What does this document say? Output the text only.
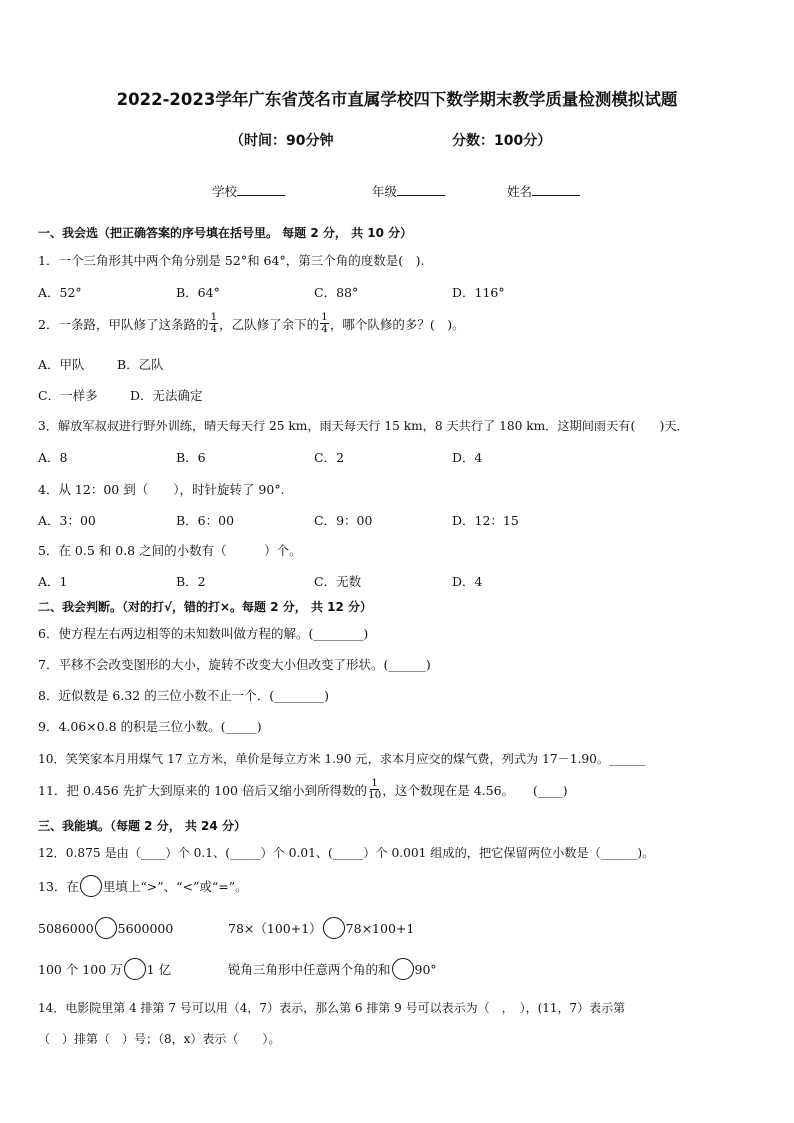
2022-2023学年广东省茂名市直属学校四下数学期末教学质量检测模拟试题
（时间：90分钟	分数：100分）
学校	年级	姓名
一、我会选（把正确答案的序号填在括号里。 每题 2 分， 共 10 分）
1．一个三角形其中两个角分别是 52°和 64°，第三个角的度数是(　).
A．52°	B．64°	C．88°	D．116°
2．一条路，甲队修了这条路的 $\frac{1}{4}$ ，乙队修了余下的 $\frac{1}{4}$ ，哪个队修的多？(　)。
A．甲队	B．乙队
C．一样多	D．无法确定
3．解放军叔叔进行野外训练，晴天每天行 25 km，雨天每天行 15 km，8 天共行了 180 km．这期间雨天有(　　)天．
A．8	B．6	C．2	D．4
4．从 12：00 到（　　），时针旋转了 90°.
A．3：00	B．6：00	C．9：00	D．12：15
5．在 0.5 和 0.8 之间的小数有（　　　）个。
A．1	B．2	C．无数	D．4
二、我会判断。（对的打√，错的打×。每题 2 分， 共 12 分）
6．使方程左右两边相等的未知数叫做方程的解。(________)
7．平移不会改变图形的大小，旋转不改变大小但改变了形状。(______)
8．近似数是 6.32 的三位小数不止一个．(________)
9．4.06×0.8 的积是三位小数。(_____)
10．笑笑家本月用煤气 17 立方米，单价是每立方米 1.90 元，求本月应交的煤气费，列式为 17－1.90。______
11．把 0.456 先扩大到原来的 100 倍后又缩小到所得数的 $\frac{1}{10}$ ，这个数现在是 4.56。　　(____)
三、我能填。（每题 2 分， 共 24 分）
12．0.875 是由（____）个 0.1、(_____）个 0.01、(_____）个 0.001 组成的，把它保留两位小数是（______)。
13．在 里填上“>”、“<”或“=”。
5086000 5600000	78×（100+1） 78×100+1
100 个 100 万 1 亿	锐角三角形中任意两个角的和 90°
14．电影院里第 4 排第 7 号可以用（4，7）表示，那么第 6 排第 9 号可以表示为（　，　），(11，7）表示第
（　）排第（　）号；（8，x）表示（　　）。
